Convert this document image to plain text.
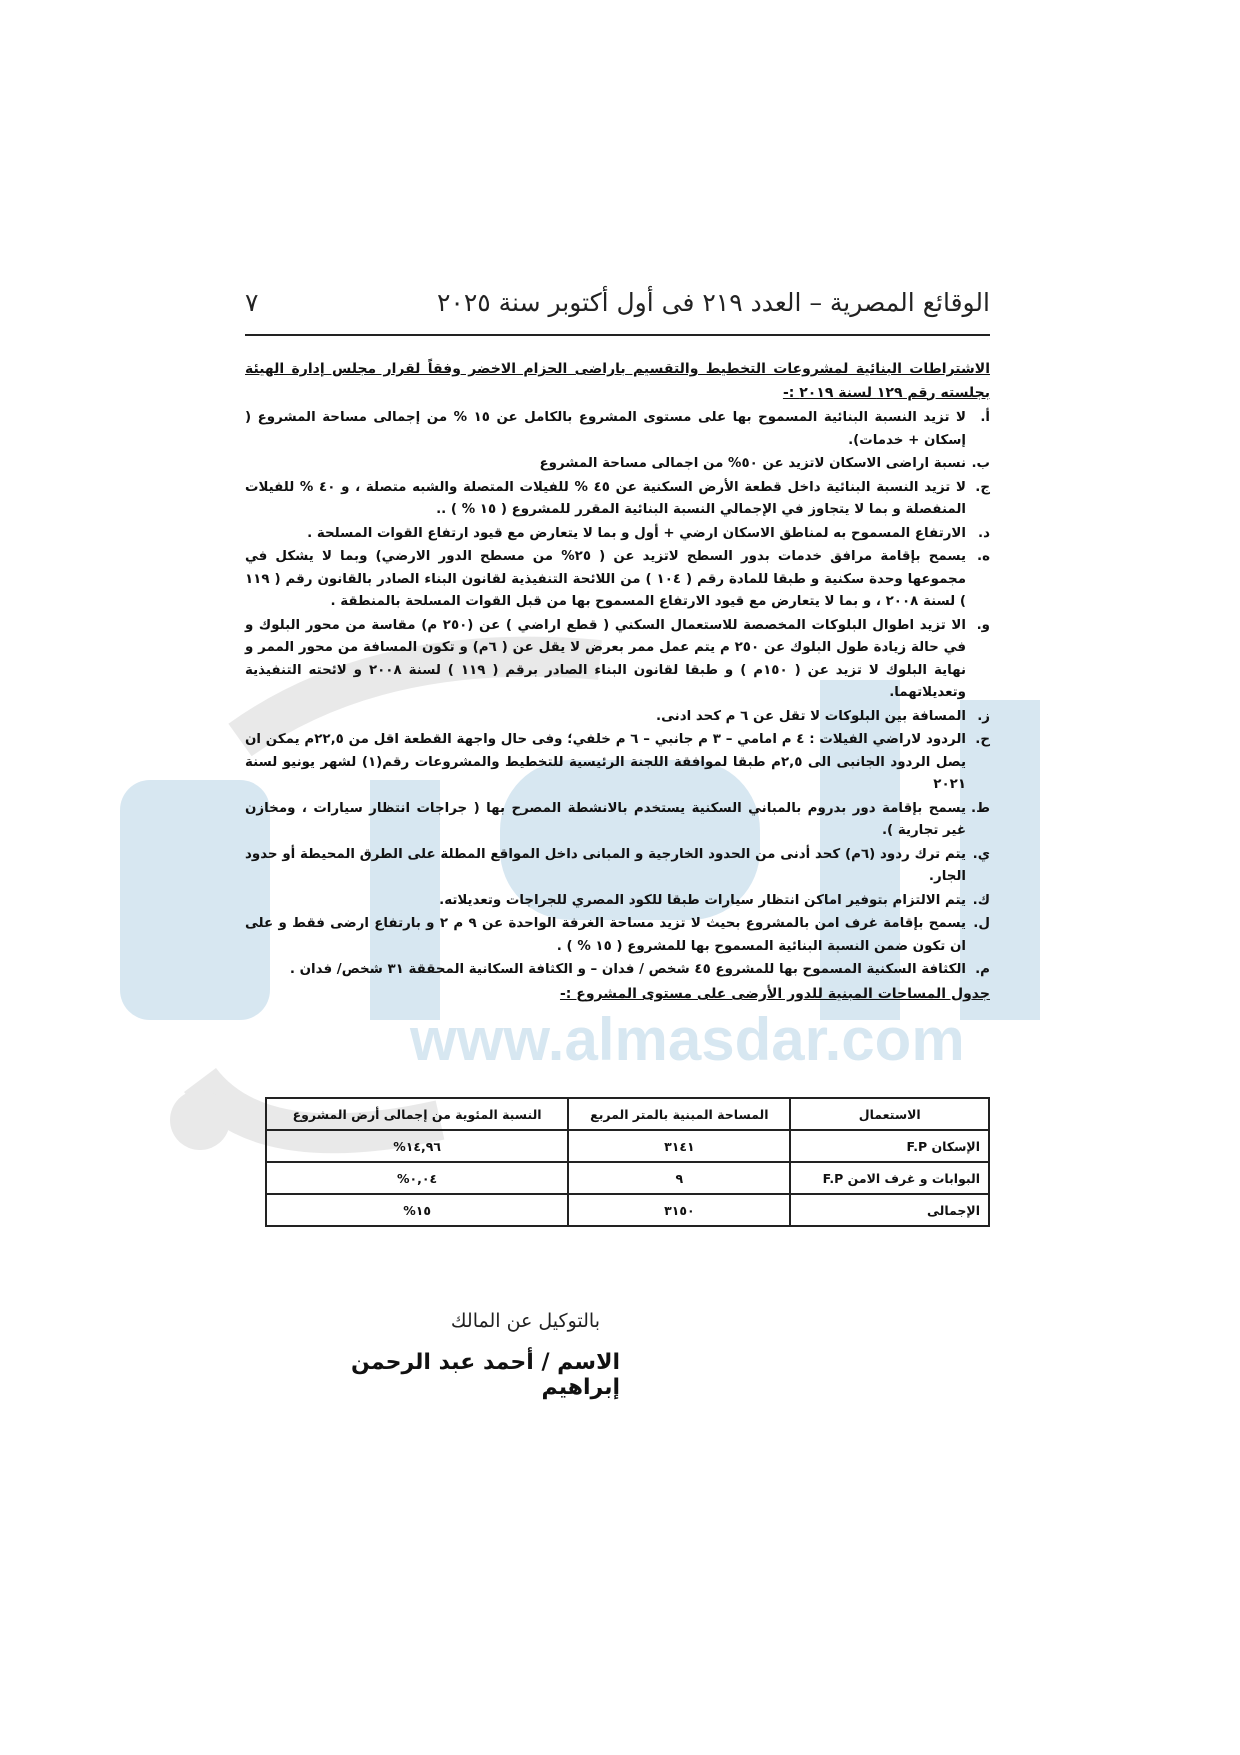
www.almasdar.com
الوقائع المصرية – العدد ٢١٩ فى أول أكتوبر سنة ٢٠٢٥
٧

الاشتراطات البنائية لمشروعات التخطيط والتقسيم باراضى الحزام الاخضر وفقاً لقرار مجلس إدارة الهيئة بجلسته رقم ١٢٩ لسنة ٢٠١٩ :-

أ.
لا تزيد النسبة البنائية المسموح بها على مستوى المشروع بالكامل عن ١٥ % من إجمالى مساحة المشروع ( إسكان + خدمات).
ب.
نسبة اراضى الاسكان لاتزيد عن ٥٠% من اجمالى مساحة المشروع
ج.
لا تزيد النسبة البنائية داخل قطعة الأرض السكنية عن ٤٥ % للفيلات المتصلة والشبه متصلة ، و ٤٠ % للفيلات المنفصلة و بما لا يتجاوز في الإجمالي النسبة البنائية المقرر للمشروع ( ١٥ % ) ..
د.
الارتفاع المسموح به لمناطق الاسكان ارضي + أول و بما لا يتعارض مع قيود ارتفاع القوات المسلحة .
ه.
يسمح بإقامة مرافق خدمات بدور السطح لاتزيد عن ( ٢٥% من مسطح الدور الارضي) وبما لا يشكل في مجموعها وحدة سكنية و طبقا للمادة رقم ( ١٠٤ ) من اللائحة التنفيذية لقانون البناء الصادر بالقانون رقم ( ١١٩ ) لسنة ٢٠٠٨ ، و بما لا يتعارض مع قيود الارتفاع المسموح بها من قبل القوات المسلحة بالمنطقة .
و.
الا تزيد اطوال البلوكات المخصصة للاستعمال السكني ( قطع اراضي ) عن (٢٥٠ م) مقاسة من محور البلوك و في حالة زيادة طول البلوك عن ٢٥٠ م يتم عمل ممر بعرض لا يقل عن ( ٦م) و تكون المسافة من محور الممر و نهاية البلوك لا تزيد عن ( ١٥٠م ) و طبقا لقانون البناء الصادر برقم ( ١١٩ ) لسنة ٢٠٠٨ و لائحته التنفيذية وتعديلاتهما.
ز.
المسافة بين البلوكات لا تقل عن ٦ م كحد ادنى.
ح.
الردود لاراضي الفيلات : ٤ م امامي – ٣ م جانبي – ٦ م خلفي؛ وفى حال واجهة القطعة اقل من ٢٢,٥م يمكن ان يصل الردود الجانبى الى ٢,٥م طبقا لموافقة اللجنة الرئيسية للتخطيط والمشروعات رقم(١) لشهر يونيو لسنة ٢٠٢١
ط.
يسمح بإقامة دور بدروم بالمباني السكنية يستخدم بالانشطة المصرح بها ( جراجات انتظار سيارات ، ومخازن غير تجارية ).
ي.
يتم ترك ردود (٦م) كحد أدنى من الحدود الخارجية و المبانى داخل المواقع المطلة على الطرق المحيطة أو حدود الجار.
ك.
يتم الالتزام بتوفير اماكن انتظار سيارات طبقا للكود المصري للجراجات وتعديلاته.
ل.
يسمح بإقامة غرف امن بالمشروع بحيث لا تزيد مساحة الغرفة الواحدة عن ٩ م ٢ و بارتفاع ارضى فقط و على ان تكون ضمن النسبة البنائية المسموح بها للمشروع ( ١٥ % ) .
م.
الكثافة السكنية المسموح بها للمشروع ٤٥ شخص / فدان – و الكثافة السكانية المحققة ٣١ شخص/ فدان .

جدول المساحات المبنية للدور الأرضى على مستوى المشروع :-

الاستعمال	المساحة المبنية بالمتر المربع	النسبة المئوية من إجمالى أرض المشروع
الإسكان F.P	٣١٤١	١٤,٩٦%
البوابات و غرف الامن F.P	٩	٠,٠٤%
الإجمالى	٣١٥٠	١٥%
بالتوكيل عن المالك
الاسم / أحمد عبد الرحمن إبراهيم
